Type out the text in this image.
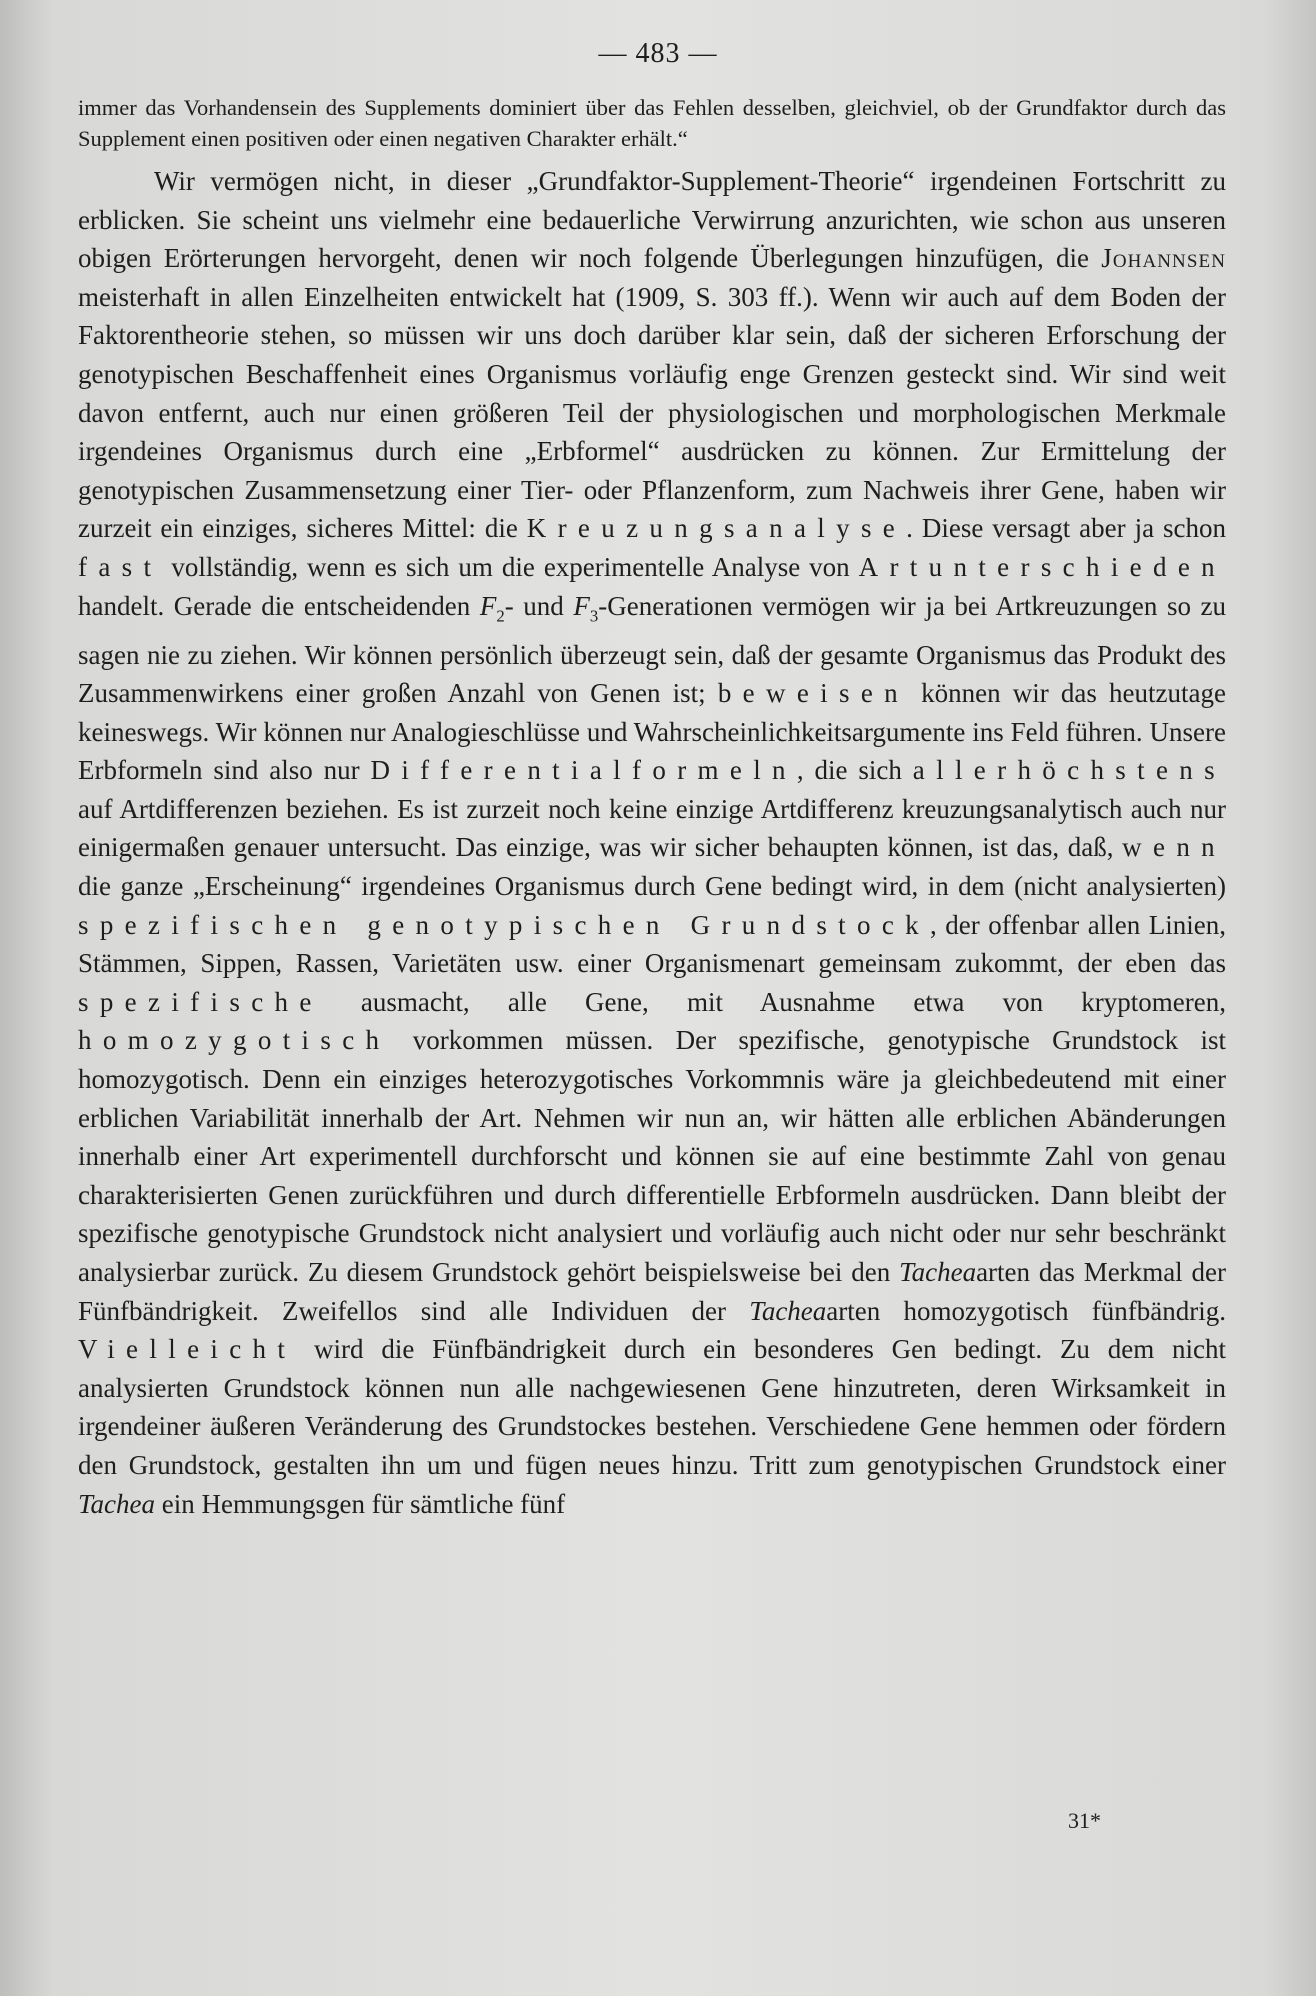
— 483 —

immer das Vorhandensein des Supplements dominiert über das Fehlen desselben, gleichviel, ob der Grundfaktor durch das Supplement einen positiven oder einen negativen Charakter erhält.“

Wir vermögen nicht, in dieser „Grundfaktor-Supplement-Theorie“ irgendeinen Fortschritt zu erblicken. Sie scheint uns vielmehr eine bedauerliche Verwirrung anzurichten, wie schon aus unseren obigen Erörterungen hervorgeht, denen wir noch folgende Überlegungen hinzufügen, die Johannsen meisterhaft in allen Einzelheiten entwickelt hat (1909, S. 303 ff.). Wenn wir auch auf dem Boden der Faktorentheorie stehen, so müssen wir uns doch darüber klar sein, daß der sicheren Erforschung der genotypischen Beschaffenheit eines Organismus vorläufig enge Grenzen gesteckt sind. Wir sind weit davon entfernt, auch nur einen größeren Teil der physiologischen und morphologischen Merkmale irgendeines Organismus durch eine „Erbformel“ ausdrücken zu können. Zur Ermittelung der genotypischen Zusammensetzung einer Tier- oder Pflanzenform, zum Nachweis ihrer Gene, haben wir zurzeit ein einziges, sicheres Mittel: die Kreuzungsanalyse. Diese versagt aber ja schon fast vollständig, wenn es sich um die experimentelle Analyse von Artunterschieden handelt. Gerade die entscheidenden $F_2-$ und $F_3$-Generationen vermögen wir ja bei Artkreuzungen so zu sagen nie zu ziehen. Wir können persönlich überzeugt sein, daß der gesamte Organismus das Produkt des Zusammenwirkens einer großen Anzahl von Genen ist; beweisen können wir das heutzutage keineswegs. Wir können nur Analogieschlüsse und Wahrscheinlichkeitsargumente ins Feld führen. Unsere Erbformeln sind also nur Differentialformeln, die sich allerhöchstens auf Artdifferenzen beziehen. Es ist zurzeit noch keine einzige Artdifferenz kreuzungsanalytisch auch nur einigermaßen genauer untersucht. Das einzige, was wir sicher behaupten können, ist das, daß, wenn die ganze „Erscheinung“ irgendeines Organismus durch Gene bedingt wird, in dem (nicht analysierten) spezifischen genotypischen Grundstock, der offenbar allen Linien, Stämmen, Sippen, Rassen, Varietäten usw. einer Organismenart gemeinsam zukommt, der eben das spezifische ausmacht, alle Gene, mit Ausnahme etwa von kryptomeren, homozygotisch vorkommen müssen. Der spezifische, genotypische Grundstock ist homozygotisch. Denn ein einziges heterozygotisches Vorkommnis wäre ja gleichbedeutend mit einer erblichen Variabilität innerhalb der Art. Nehmen wir nun an, wir hätten alle erblichen Abänderungen innerhalb einer Art experimentell durchforscht und können sie auf eine bestimmte Zahl von genau charakterisierten Genen zurückführen und durch differentielle Erbformeln ausdrücken. Dann bleibt der spezifische genotypische Grundstock nicht analysiert und vorläufig auch nicht oder nur sehr beschränkt analysierbar zurück. Zu diesem Grundstock gehört beispielsweise bei den Tacheaarten das Merkmal der Fünfbändrigkeit. Zweifellos sind alle Individuen der Tacheaarten homozygotisch fünfbändrig. Vielleicht wird die Fünfbändrigkeit durch ein besonderes Gen bedingt. Zu dem nicht analysierten Grundstock können nun alle nachgewiesenen Gene hinzutreten, deren Wirksamkeit in irgendeiner äußeren Veränderung des Grundstockes bestehen. Verschiedene Gene hemmen oder fördern den Grundstock, gestalten ihn um und fügen neues hinzu. Tritt zum genotypischen Grundstock einer Tachea ein Hemmungsgen für sämtliche fünf

31*
